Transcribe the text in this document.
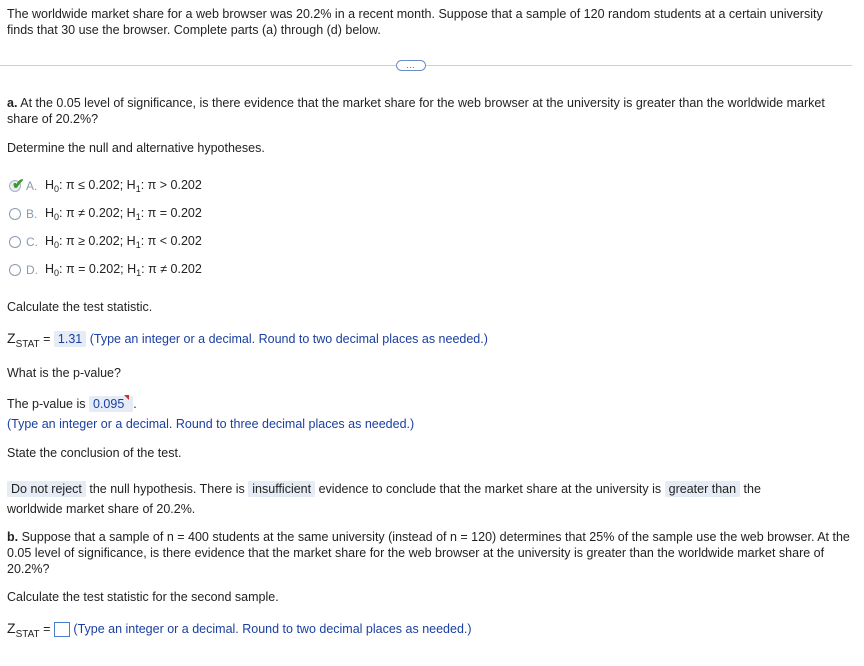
The worldwide market share for a web browser was 20.2% in a recent month. Suppose that a sample of 120 random students at a certain university finds that 30 use the browser. Complete parts (a) through (d) below.

…

a. At the 0.05 level of significance, is there evidence that the market share for the web browser at the university is greater than the worldwide market share of 20.2%?

Determine the null and alternative hypotheses.

✔ A. $H_0$: π ≤ 0.202; $H_1$: π > 0.202
B. $H_0$: π ≠ 0.202; $H_1$: π = 0.202
C. $H_0$: π ≥ 0.202; $H_1$: π < 0.202
D. $H_0$: π = 0.202; $H_1$: π ≠ 0.202

Calculate the test statistic.

$Z_{STAT} = 1.31$ (Type an integer or a decimal. Round to two decimal places as needed.)

What is the p-value?

The p-value is 0.095 .

(Type an integer or a decimal. Round to three decimal places as needed.)

State the conclusion of the test.

Do not reject the null hypothesis. There is insufficient evidence to conclude that the market share at the university is greater than the
worldwide market share of 20.2%.

b. Suppose that a sample of n = 400 students at the same university (instead of n = 120) determines that 25% of the sample use the web browser. At the 0.05 level of significance, is there evidence that the market share for the web browser at the university is greater than the worldwide market share of 20.2%?

Calculate the test statistic for the second sample.

$Z_{STAT}$ = (Type an integer or a decimal. Round to two decimal places as needed.)
